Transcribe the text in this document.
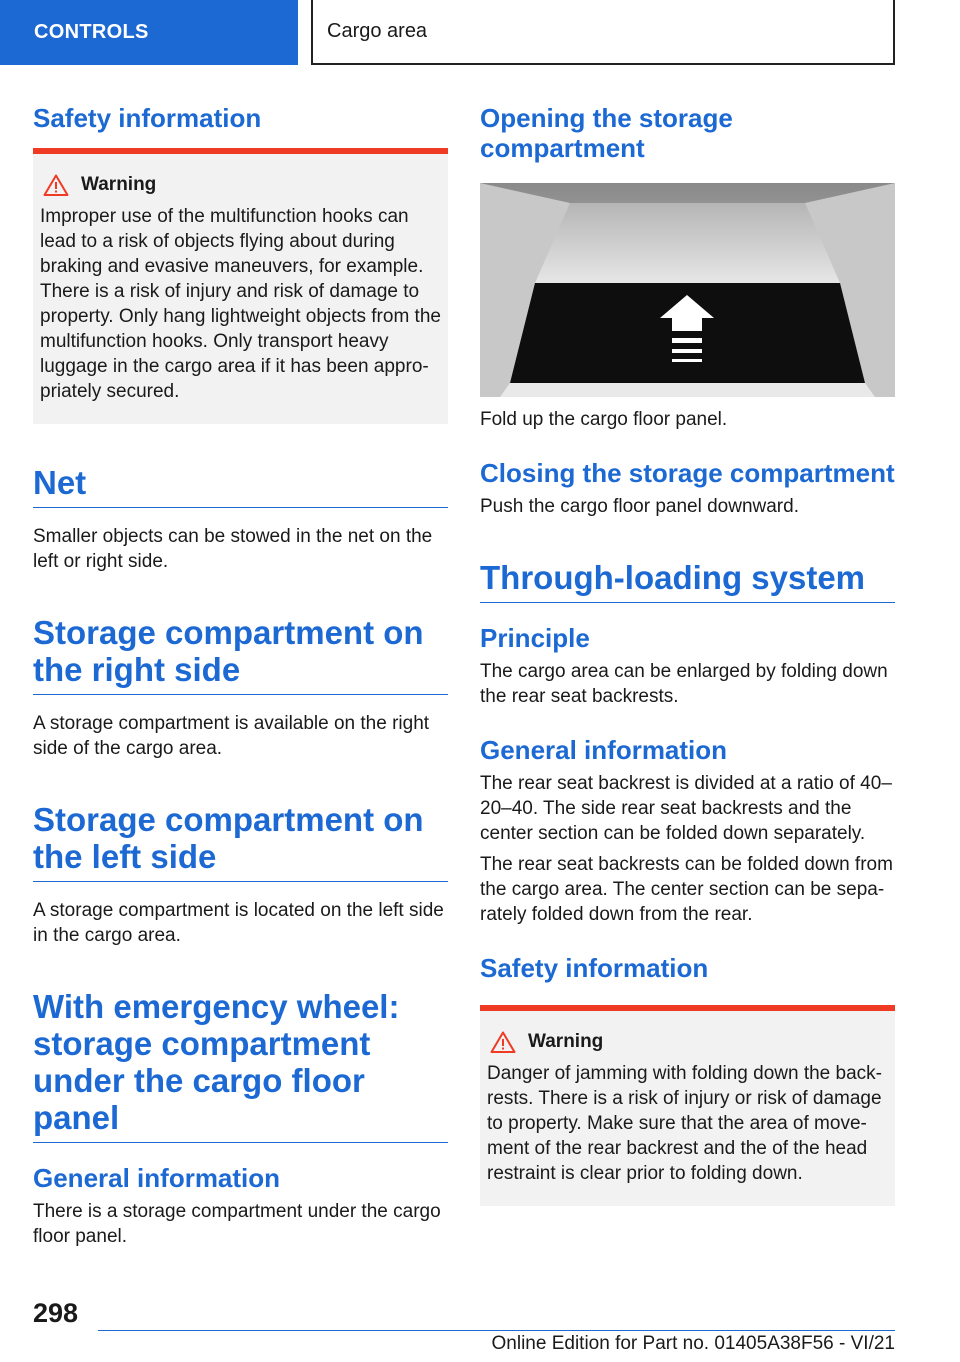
CONTROLS	Cargo area
Safety information
Warning

Improper use of the multifunction hooks can lead to a risk of objects flying about during braking and evasive maneuvers, for example. There is a risk of injury and risk of damage to property. Only hang lightweight objects from the multifunction hooks. Only transport heavy luggage in the cargo area if it has been appropriately secured.

Net

Smaller objects can be stowed in the net on the left or right side.

Storage compartment on the right side

A storage compartment is available on the right side of the cargo area.

Storage compartment on the left side

A storage compartment is located on the left side in the cargo area.

With emergency wheel: storage compartment under the cargo floor panel
General information

There is a storage compartment under the cargo floor panel.

Opening the storage compartment

Fold up the cargo floor panel.

Closing the storage compartment

Push the cargo floor panel downward.

Through-loading system
Principle

The cargo area can be enlarged by folding down the rear seat backrests.

General information

The rear seat backrest is divided at a ratio of 40–20–40. The side rear seat backrests and the center section can be folded down separately.

The rear seat backrests can be folded down from the cargo area. The center section can be separately folded down from the rear.

Safety information
Warning

Danger of jamming with folding down the backrests. There is a risk of injury or risk of damage to property. Make sure that the area of movement of the rear backrest and the of the head restraint is clear prior to folding down.

298
Online Edition for Part no. 01405A38F56 - VI/21
